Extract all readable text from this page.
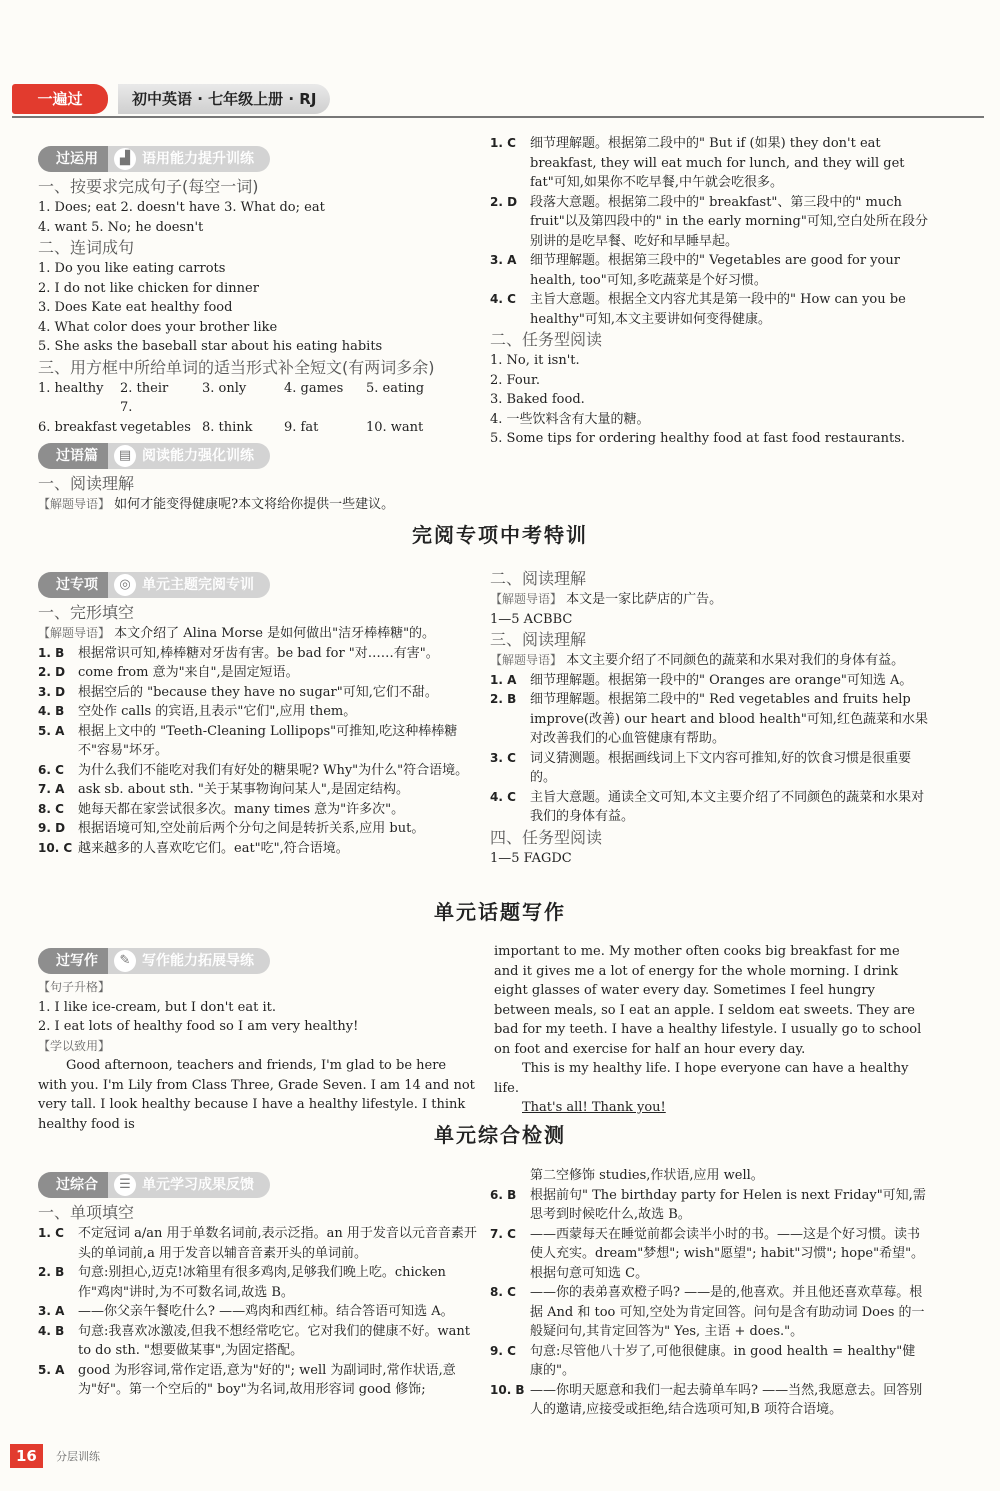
一遍过	初中英语 · 七年级上册 · RJ
过运用	▟ 语用能力提升训练

一、按要求完成句子(每空一词)

1. Does; eat 2. doesn't have 3. What do; eat

4. want 5. No; he doesn't

二、连词成句

1. Do you like eating carrots

2. I do not like chicken for dinner

3. Does Kate eat healthy food

4. What color does your brother like

5. She asks the baseball star about his eating habits

三、用方框中所给单词的适当形式补全短文(有两词多余)

1. healthy 2. their	3. only	4. games 5. eating

6. breakfast7. vegetables 8. think 9. fat	10. want

过语篇	▤ 阅读能力强化训练

一、阅读理解

【解题导语】 如何才能变得健康呢?本文将给你提供一些建议。

1. C	细节理解题。根据第二段中的" But if (如果) they don't eat breakfast, they will eat much for lunch, and they will get fat"可知,如果你不吃早餐,中午就会吃很多。
2. D 段落大意题。根据第二段中的" breakfast"、第三段中的" much fruit"以及第四段中的" in the early morning"可知,空白处所在段分别讲的是吃早餐、吃好和早睡早起。
3. A	细节理解题。根据第三段中的" Vegetables are good for your health, too"可知,多吃蔬菜是个好习惯。
4. C	主旨大意题。根据全文内容尤其是第一段中的" How can you be healthy"可知,本文主要讲如何变得健康。

二、任务型阅读

1. No, it isn't.

2. Four.

3. Baked food.

4. 一些饮料含有大量的糖。

5. Some tips for ordering healthy food at fast food restaurants.

完阅专项中考特训
过专项	◎ 单元主题完阅专训

一、完形填空

【解题导语】 本文介绍了 Alina Morse 是如何做出"洁牙棒棒糖"的。

1. B	根据常识可知,棒棒糖对牙齿有害。be bad for "对……有害"。
2. D come from 意为"来自",是固定短语。
3. D 根据空后的 "because they have no sugar"可知,它们不甜。
4. B	空处作 calls 的宾语,且表示"它们",应用 them。
5. A	根据上文中的 "Teeth-Cleaning Lollipops"可推知,吃这种棒棒糖不"容易"坏牙。
6. C	为什么我们不能吃对我们有好处的糖果呢? Why"为什么"符合语境。
7. A	ask sb. about sth. "关于某事物询问某人",是固定结构。
8. C	她每天都在家尝试很多次。many times 意为"许多次"。
9. D 根据语境可知,空处前后两个分句之间是转折关系,应用 but。
10. C 越来越多的人喜欢吃它们。eat"吃",符合语境。

二、阅读理解

【解题导语】 本文是一家比萨店的广告。

1—5 ACBBC

三、阅读理解

【解题导语】 本文主要介绍了不同颜色的蔬菜和水果对我们的身体有益。

1. A	细节理解题。根据第一段中的" Oranges are orange"可知选 A。
2. B	细节理解题。根据第二段中的" Red vegetables and fruits help improve(改善) our heart and blood health"可知,红色蔬菜和水果对改善我们的心血管健康有帮助。
3. C	词义猜测题。根据画线词上下文内容可推知,好的饮食习惯是很重要的。
4. C	主旨大意题。通读全文可知,本文主要介绍了不同颜色的蔬菜和水果对我们的身体有益。

四、任务型阅读

1—5 FAGDC

单元话题写作
过写作	✎ 写作能力拓展导练

【句子升格】

1. I like ice-cream, but I don't eat it.

2. I eat lots of healthy food so I am very healthy!

【学以致用】

Good afternoon, teachers and friends, I'm glad to be here with you. I'm Lily from Class Three, Grade Seven. I am 14 and not very tall. I look healthy because I have a healthy lifestyle. I think healthy food is

important to me. My mother often cooks big breakfast for me and it gives me a lot of energy for the whole morning. I drink eight glasses of water every day. Sometimes I feel hungry between meals, so I eat an apple. I seldom eat sweets. They are bad for my teeth. I have a healthy lifestyle. I usually go to school on foot and exercise for half an hour every day.

This is my healthy life. I hope everyone can have a healthy life.

That's all! Thank you!

单元综合检测
过综合	☰ 单元学习成果反馈

一、单项填空

1. C	不定冠词 a/an 用于单数名词前,表示泛指。an 用于发音以元音音素开头的单词前,a 用于发音以辅音音素开头的单词前。
2. B	句意:别担心,迈克!冰箱里有很多鸡肉,足够我们晚上吃。chicken 作"鸡肉"讲时,为不可数名词,故选 B。
3. A	——你父亲午餐吃什么? ——鸡肉和西红柿。结合答语可知选 A。
4. B	句意:我喜欢冰激凌,但我不想经常吃它。它对我们的健康不好。want to do sth. "想要做某事",为固定搭配。
5. A	good 为形容词,常作定语,意为"好的"; well 为副词时,常作状语,意为"好"。第一个空后的" boy"为名词,故用形容词 good 修饰;

第二空修饰 studies,作状语,应用 well。

6. B	根据前句" The birthday party for Helen is next Friday"可知,需思考到时候吃什么,故选 B。
7. C	——西蒙每天在睡觉前都会读半小时的书。——这是个好习惯。读书使人充实。dream"梦想"; wish"愿望"; habit"习惯"; hope"希望"。根据句意可知选 C。
8. C	——你的表弟喜欢橙子吗? ——是的,他喜欢。并且他还喜欢草莓。根据 And 和 too 可知,空处为肯定回答。问句是含有助动词 Does 的一般疑问句,其肯定回答为" Yes, 主语 + does."。
9. C	句意:尽管他八十岁了,可他很健康。in good health = healthy"健康的"。
10. B ——你明天愿意和我们一起去骑单车吗? ——当然,我愿意去。回答别人的邀请,应接受或拒绝,结合选项可知,B 项符合语境。
16	分层训练
